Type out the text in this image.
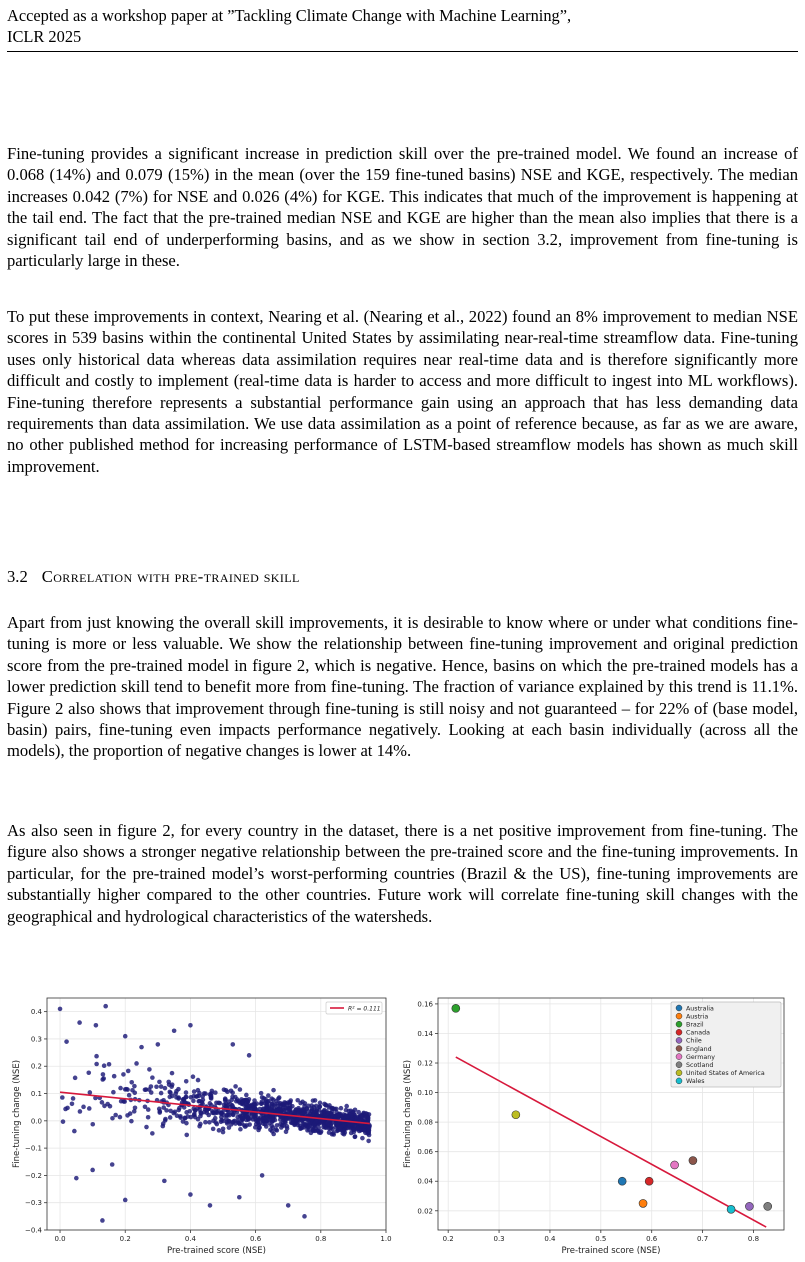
Accepted as a workshop paper at ”Tackling Climate Change with Machine Learning”,
ICLR 2025

Fine-tuning provides a significant increase in prediction skill over the pre-trained model. We found an increase of 0.068 (14%) and 0.079 (15%) in the mean (over the 159 fine-tuned basins) NSE and KGE, respectively. The median increases 0.042 (7%) for NSE and 0.026 (4%) for KGE. This indicates that much of the improvement is happening at the tail end. The fact that the pre-trained median NSE and KGE are higher than the mean also implies that there is a significant tail end of underperforming basins, and as we show in section 3.2, improvement from fine-tuning is particularly large in these.

To put these improvements in context, Nearing et al. (Nearing et al., 2022) found an 8% improvement to median NSE scores in 539 basins within the continental United States by assimilating near-real-time streamflow data. Fine-tuning uses only historical data whereas data assimilation requires near real-time data and is therefore significantly more difficult and costly to implement (real-time data is harder to access and more difficult to ingest into ML workflows). Fine-tuning therefore represents a substantial performance gain using an approach that has less demanding data requirements than data assimilation. We use data assimilation as a point of reference because, as far as we are aware, no other published method for increasing performance of LSTM-based streamflow models has shown as much skill improvement.

3.2 Correlation with pre-trained skill

Apart from just knowing the overall skill improvements, it is desirable to know where or under what conditions fine-tuning is more or less valuable. We show the relationship between fine-tuning improvement and original prediction score from the pre-trained model in figure 2, which is negative. Hence, basins on which the pre-trained models has a lower prediction skill tend to benefit more from fine-tuning. The fraction of variance explained by this trend is 11.1%. Figure 2 also shows that improvement through fine-tuning is still noisy and not guaranteed – for 22% of (base model, basin) pairs, fine-tuning even impacts performance negatively. Looking at each basin individually (across all the models), the proportion of negative changes is lower at 14%.

As also seen in figure 2, for every country in the dataset, there is a net positive improvement from fine-tuning. The figure also shows a stronger negative relationship between the pre-trained score and the fine-tuning improvements. In particular, for the pre-trained model’s worst-performing countries (Brazil & the US), fine-tuning improvements are substantially higher compared to the other countries. Future work will correlate fine-tuning skill changes with the geographical and hydrological characteristics of the watersheds.

0.0	0.2	0.4	0.6	0.8	1.0
−0.4
−0.3
−0.2
−0.1
0.0
0.1
0.2
0.3
0.4
Pre-trained score (NSE)
Fine-tuning change (NSE)
R² = 0.111
0.2	0.3	0.4	0.5	0.6	0.7	0.8
0.02
0.04
0.06
0.08
0.10
0.12
0.14
0.16
Pre-trained score (NSE)
Fine-tuning change (NSE)
Australia
Austria
Brazil
Canada
Chile
England
Germany
Scotland
United States of America
Wales
